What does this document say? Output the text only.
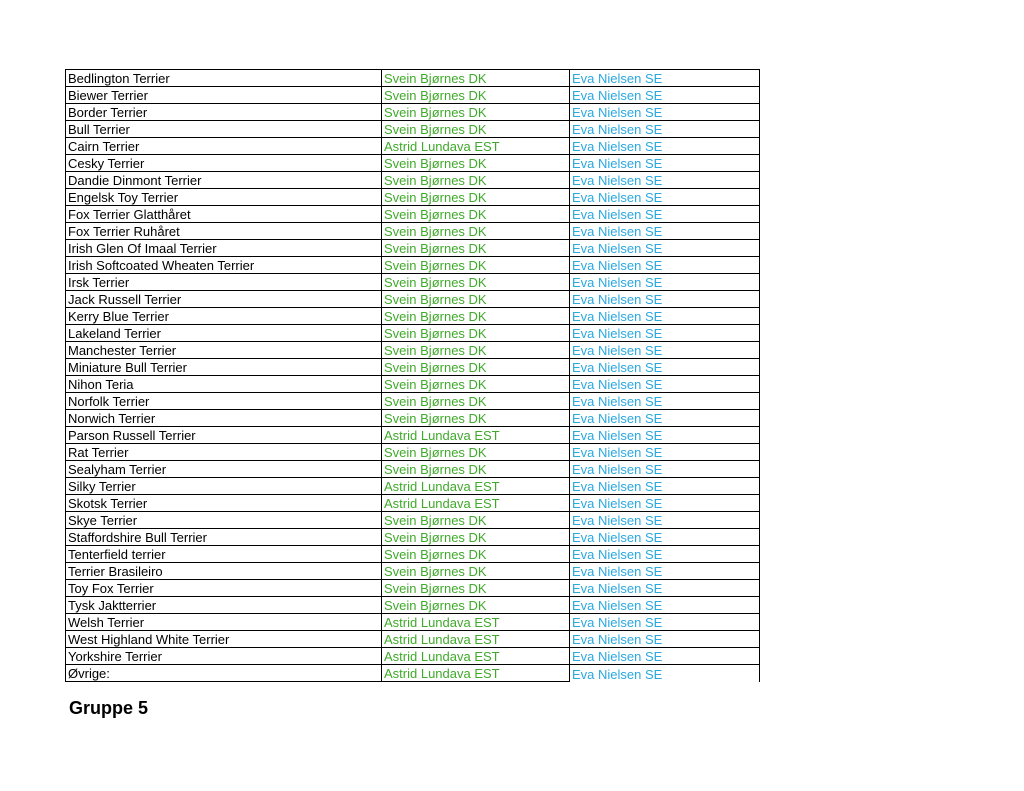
Bedlington Terrier	Svein Bjørnes DK	Eva Nielsen SE
Biewer Terrier	Svein Bjørnes DK	Eva Nielsen SE
Border Terrier	Svein Bjørnes DK	Eva Nielsen SE
Bull Terrier	Svein Bjørnes DK	Eva Nielsen SE
Cairn Terrier	Astrid Lundava EST	Eva Nielsen SE
Cesky Terrier	Svein Bjørnes DK	Eva Nielsen SE
Dandie Dinmont Terrier	Svein Bjørnes DK	Eva Nielsen SE
Engelsk Toy Terrier	Svein Bjørnes DK	Eva Nielsen SE
Fox Terrier Glatthåret	Svein Bjørnes DK	Eva Nielsen SE
Fox Terrier Ruhåret	Svein Bjørnes DK	Eva Nielsen SE
Irish Glen Of Imaal Terrier	Svein Bjørnes DK	Eva Nielsen SE
Irish Softcoated Wheaten Terrier	Svein Bjørnes DK	Eva Nielsen SE
Irsk Terrier	Svein Bjørnes DK	Eva Nielsen SE
Jack Russell Terrier	Svein Bjørnes DK	Eva Nielsen SE
Kerry Blue Terrier	Svein Bjørnes DK	Eva Nielsen SE
Lakeland Terrier	Svein Bjørnes DK	Eva Nielsen SE
Manchester Terrier	Svein Bjørnes DK	Eva Nielsen SE
Miniature Bull Terrier	Svein Bjørnes DK	Eva Nielsen SE
Nihon Teria	Svein Bjørnes DK	Eva Nielsen SE
Norfolk Terrier	Svein Bjørnes DK	Eva Nielsen SE
Norwich Terrier	Svein Bjørnes DK	Eva Nielsen SE
Parson Russell Terrier	Astrid Lundava EST	Eva Nielsen SE
Rat Terrier	Svein Bjørnes DK	Eva Nielsen SE
Sealyham Terrier	Svein Bjørnes DK	Eva Nielsen SE
Silky Terrier	Astrid Lundava EST	Eva Nielsen SE
Skotsk Terrier	Astrid Lundava EST	Eva Nielsen SE
Skye Terrier	Svein Bjørnes DK	Eva Nielsen SE
Staffordshire Bull Terrier	Svein Bjørnes DK	Eva Nielsen SE
Tenterfield terrier	Svein Bjørnes DK	Eva Nielsen SE
Terrier Brasileiro	Svein Bjørnes DK	Eva Nielsen SE
Toy Fox Terrier	Svein Bjørnes DK	Eva Nielsen SE
Tysk Jaktterrier	Svein Bjørnes DK	Eva Nielsen SE
Welsh Terrier	Astrid Lundava EST	Eva Nielsen SE
West Highland White Terrier	Astrid Lundava EST	Eva Nielsen SE
Yorkshire Terrier	Astrid Lundava EST	Eva Nielsen SE
Øvrige:	Astrid Lundava EST	Eva Nielsen SE
Gruppe 5
